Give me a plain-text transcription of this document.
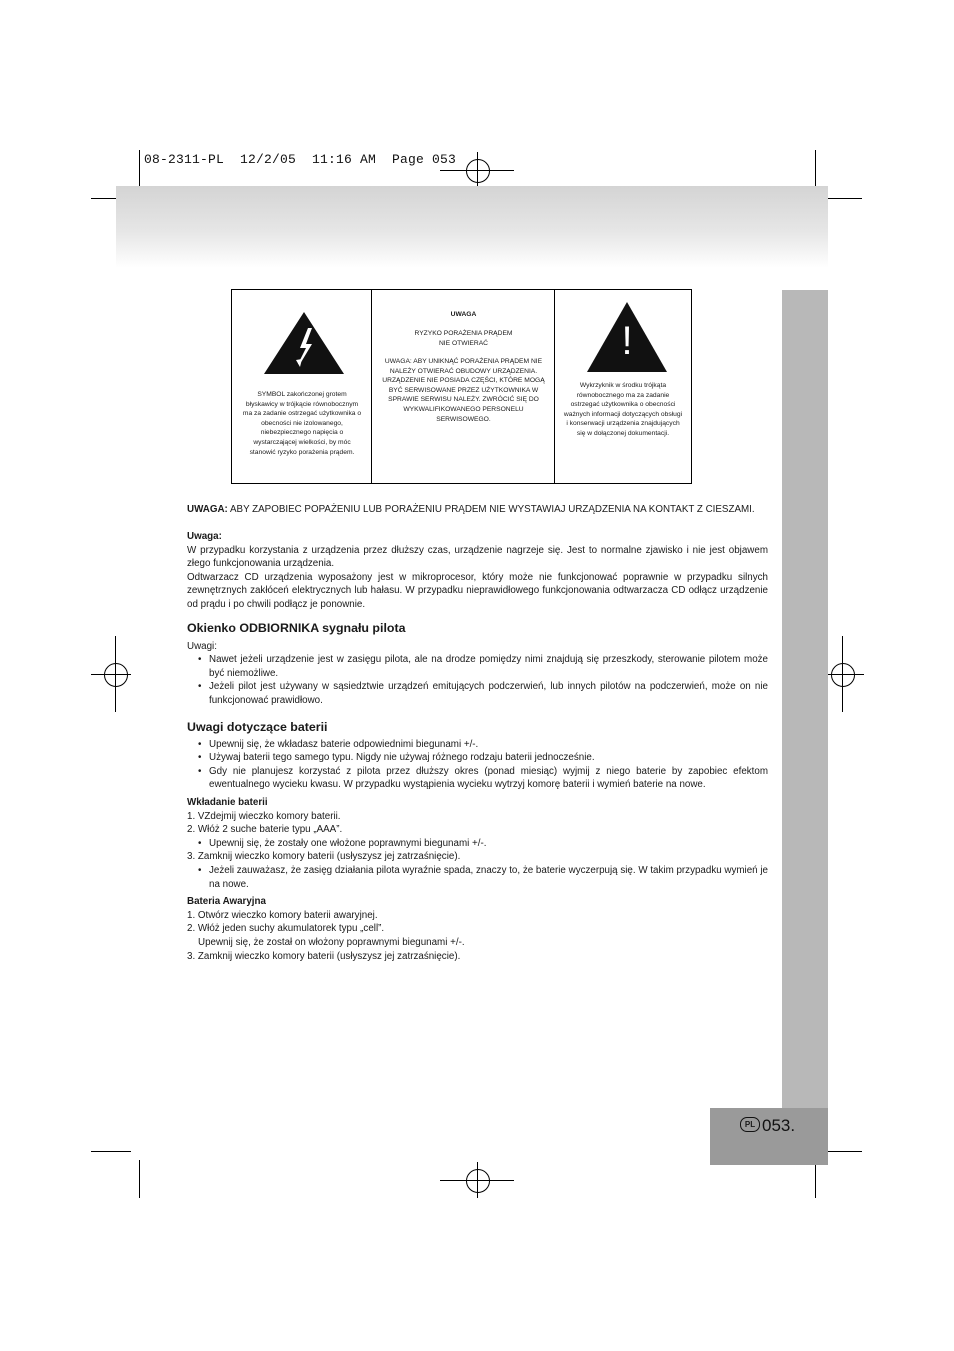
08-2311-PL  12/2/05  11:16 AM  Page 053
SYMBOL zakończonej grotem błyskawicy w trójkącie równobocznym ma za zadanie ostrzegać użytkownika o obecności nie izolowanego, niebezpiecznego napięcia o wystarczającej wielkości, by móc stanowić ryzyko porażenia prądem.
UWAGA
RYZYKO PORAŻENIA PRĄDEM
NIE OTWIERAĆ
UWAGA: ABY UNIKNĄĆ PORAŻENIA PRĄDEM NIE NALEŻY OTWIERAĆ OBUDOWY URZĄDZENIA. URZĄDZENIE NIE POSIADA CZĘŚCI, KTÓRE MOGĄ BYĆ SERWISOWANE PRZEZ UŻYTKOWNIKA W SPRAWIE SERWISU NALEŻY. ZWRÓCIĆ SIĘ DO WYKWALIFIKOWANEGO PERSONELU SERWISOWEGO.
!
Wykrzyknik w środku trójkąta równobocznego ma za zadanie ostrzegać użytkownika o obecności ważnych informacji dotyczących obsługi i konserwacji urządzenia znajdujących się w dołączonej dokumentacji.
UWAGA: ABY ZAPOBIEC POPAŻENIU LUB PORAŻENIU PRĄDEM NIE WYSTAWIAJ URZĄDZENIA NA KONTAKT Z CIESZAMI.

Uwaga:

W przypadku korzystania z urządzenia przez dłuższy czas, urządzenie nagrzeje się. Jest to normalne zjawisko i nie jest objawem złego funkcjonowania urządzenia.

Odtwarzacz CD urządzenia wyposażony jest w mikroprocesor, który może nie funkcjonować poprawnie w przypadku silnych zewnętrznych zakłóceń elektrycznych lub hałasu. W przypadku nieprawidłowego funkcjonowania odtwarzacza CD odłącz urządzenie od prądu i po chwili podłącz je ponownie.

Okienko ODBIORNIKA sygnału pilota

Uwagi:

• Nawet jeżeli urządzenie jest w zasięgu pilota, ale na drodze pomiędzy nimi znajdują się przeszkody, sterowanie pilotem może być niemożliwe.

• Jeżeli pilot jest używany w sąsiedztwie urządzeń emitujących podczerwień, lub innych pilotów na podczerwień, może on nie funkcjonować prawidłowo.

Uwagi dotyczące baterii

• Upewnij się, że wkładasz baterie odpowiednimi biegunami +/-.

• Używaj baterii tego samego typu. Nigdy nie używaj różnego rodzaju baterii jednocześnie.

• Gdy nie planujesz korzystać z pilota przez dłuższy okres (ponad miesiąc) wyjmij z niego baterie by zapobiec efektom ewentualnego wycieku kwasu. W przypadku wystąpienia wycieku wytrzyj komorę baterii i wymień baterie na nowe.

Wkładanie baterii

1. VZdejmij wieczko komory baterii.

2. Włóż 2 suche baterie typu „AAA”.

• Upewnij się, że zostały one włożone poprawnymi biegunami +/-.

3. Zamknij wieczko komory baterii (usłyszysz jej zatrzaśnięcie).

• Jeżeli zauważasz, że zasięg działania pilota wyraźnie spada, znaczy to, że baterie wyczerpują się. W takim przypadku wymień je na nowe.

Bateria Awaryjna

1. Otwórz wieczko komory baterii awaryjnej.

2. Włóż jeden suchy akumulatorek typu „cell”.

Upewnij się, że został on włożony poprawnymi biegunami +/-.

3. Zamknij wieczko komory baterii (usłyszysz jej zatrzaśnięcie).

PL 053.
